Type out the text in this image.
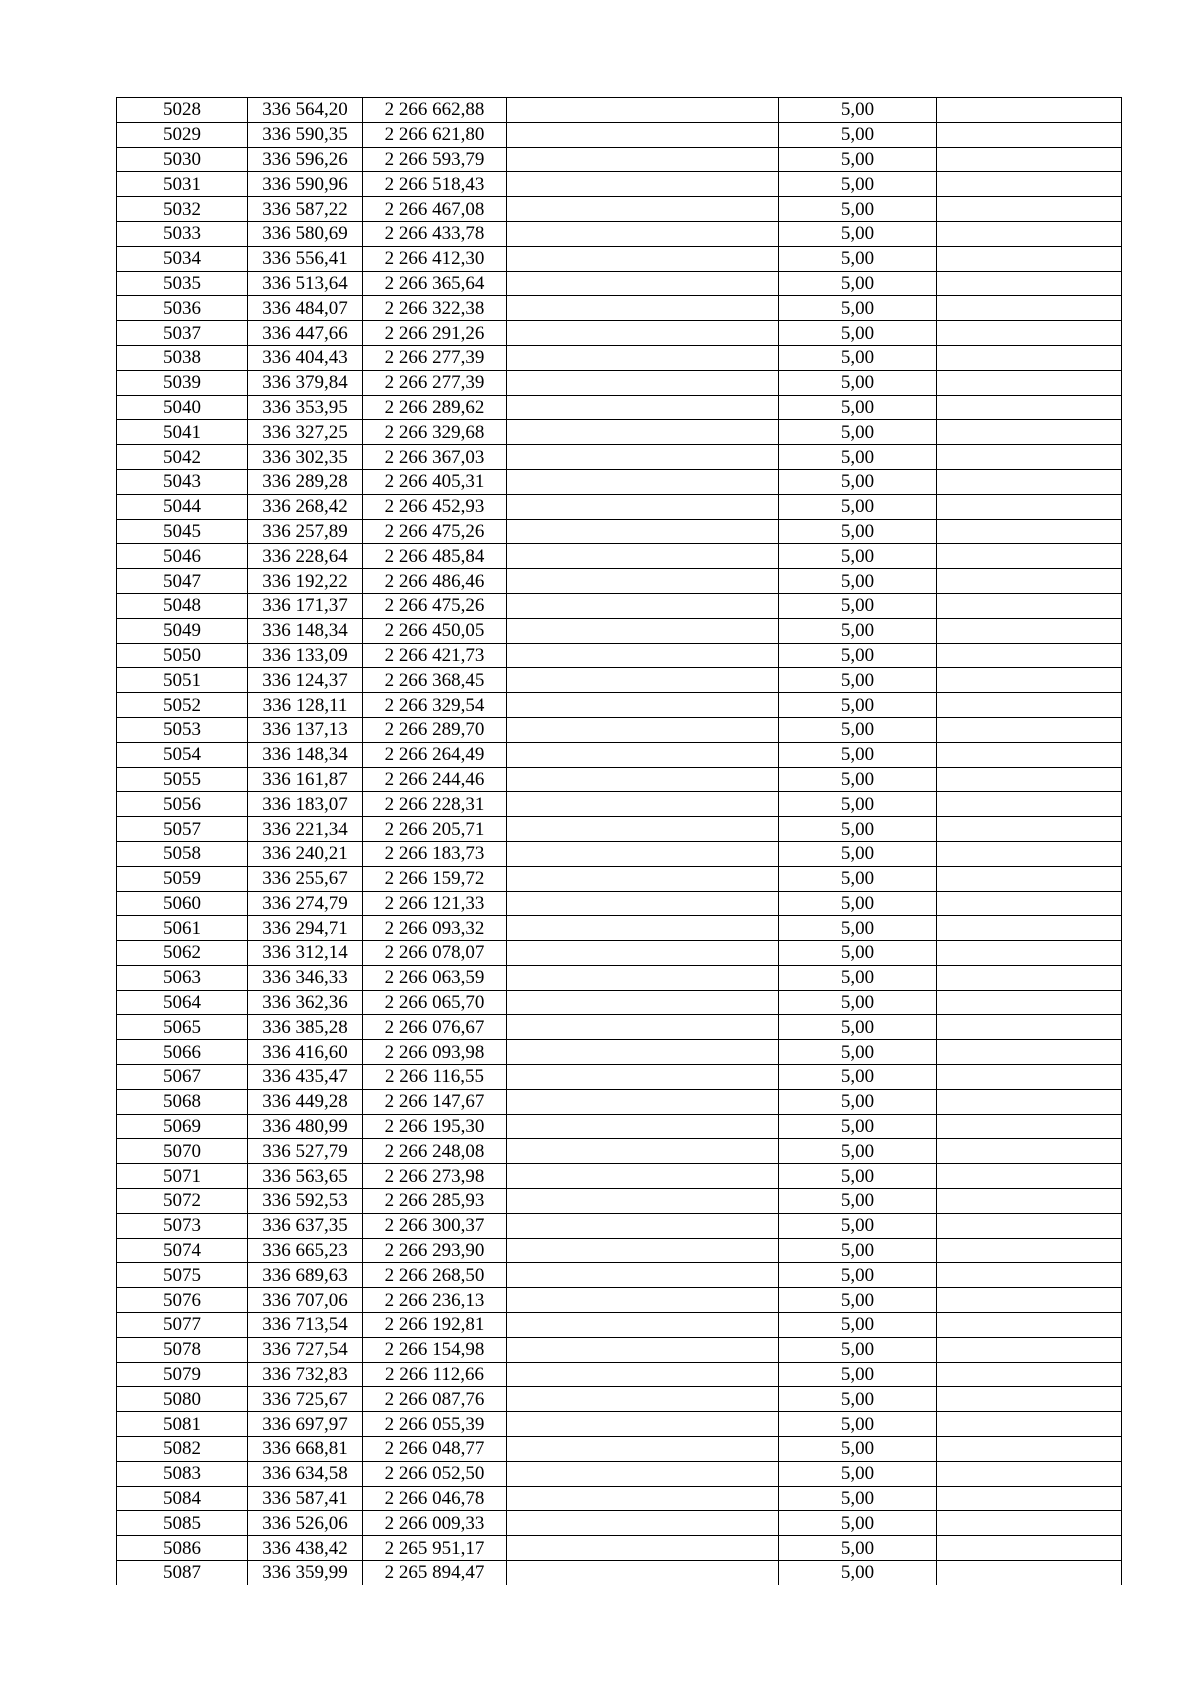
5028	336 564,20	2 266 662,88		5,00	
5029	336 590,35	2 266 621,80		5,00	
5030	336 596,26	2 266 593,79		5,00	
5031	336 590,96	2 266 518,43		5,00	
5032	336 587,22	2 266 467,08		5,00	
5033	336 580,69	2 266 433,78		5,00	
5034	336 556,41	2 266 412,30		5,00	
5035	336 513,64	2 266 365,64		5,00	
5036	336 484,07	2 266 322,38		5,00	
5037	336 447,66	2 266 291,26		5,00	
5038	336 404,43	2 266 277,39		5,00	
5039	336 379,84	2 266 277,39		5,00	
5040	336 353,95	2 266 289,62		5,00	
5041	336 327,25	2 266 329,68		5,00	
5042	336 302,35	2 266 367,03		5,00	
5043	336 289,28	2 266 405,31		5,00	
5044	336 268,42	2 266 452,93		5,00	
5045	336 257,89	2 266 475,26		5,00	
5046	336 228,64	2 266 485,84		5,00	
5047	336 192,22	2 266 486,46		5,00	
5048	336 171,37	2 266 475,26		5,00	
5049	336 148,34	2 266 450,05		5,00	
5050	336 133,09	2 266 421,73		5,00	
5051	336 124,37	2 266 368,45		5,00	
5052	336 128,11	2 266 329,54		5,00	
5053	336 137,13	2 266 289,70		5,00	
5054	336 148,34	2 266 264,49		5,00	
5055	336 161,87	2 266 244,46		5,00	
5056	336 183,07	2 266 228,31		5,00	
5057	336 221,34	2 266 205,71		5,00	
5058	336 240,21	2 266 183,73		5,00	
5059	336 255,67	2 266 159,72		5,00	
5060	336 274,79	2 266 121,33		5,00	
5061	336 294,71	2 266 093,32		5,00	
5062	336 312,14	2 266 078,07		5,00	
5063	336 346,33	2 266 063,59		5,00	
5064	336 362,36	2 266 065,70		5,00	
5065	336 385,28	2 266 076,67		5,00	
5066	336 416,60	2 266 093,98		5,00	
5067	336 435,47	2 266 116,55		5,00	
5068	336 449,28	2 266 147,67		5,00	
5069	336 480,99	2 266 195,30		5,00	
5070	336 527,79	2 266 248,08		5,00	
5071	336 563,65	2 266 273,98		5,00	
5072	336 592,53	2 266 285,93		5,00	
5073	336 637,35	2 266 300,37		5,00	
5074	336 665,23	2 266 293,90		5,00	
5075	336 689,63	2 266 268,50		5,00	
5076	336 707,06	2 266 236,13		5,00	
5077	336 713,54	2 266 192,81		5,00	
5078	336 727,54	2 266 154,98		5,00	
5079	336 732,83	2 266 112,66		5,00	
5080	336 725,67	2 266 087,76		5,00	
5081	336 697,97	2 266 055,39		5,00	
5082	336 668,81	2 266 048,77		5,00	
5083	336 634,58	2 266 052,50		5,00	
5084	336 587,41	2 266 046,78		5,00	
5085	336 526,06	2 266 009,33		5,00	
5086	336 438,42	2 265 951,17		5,00	
5087	336 359,99	2 265 894,47		5,00	
